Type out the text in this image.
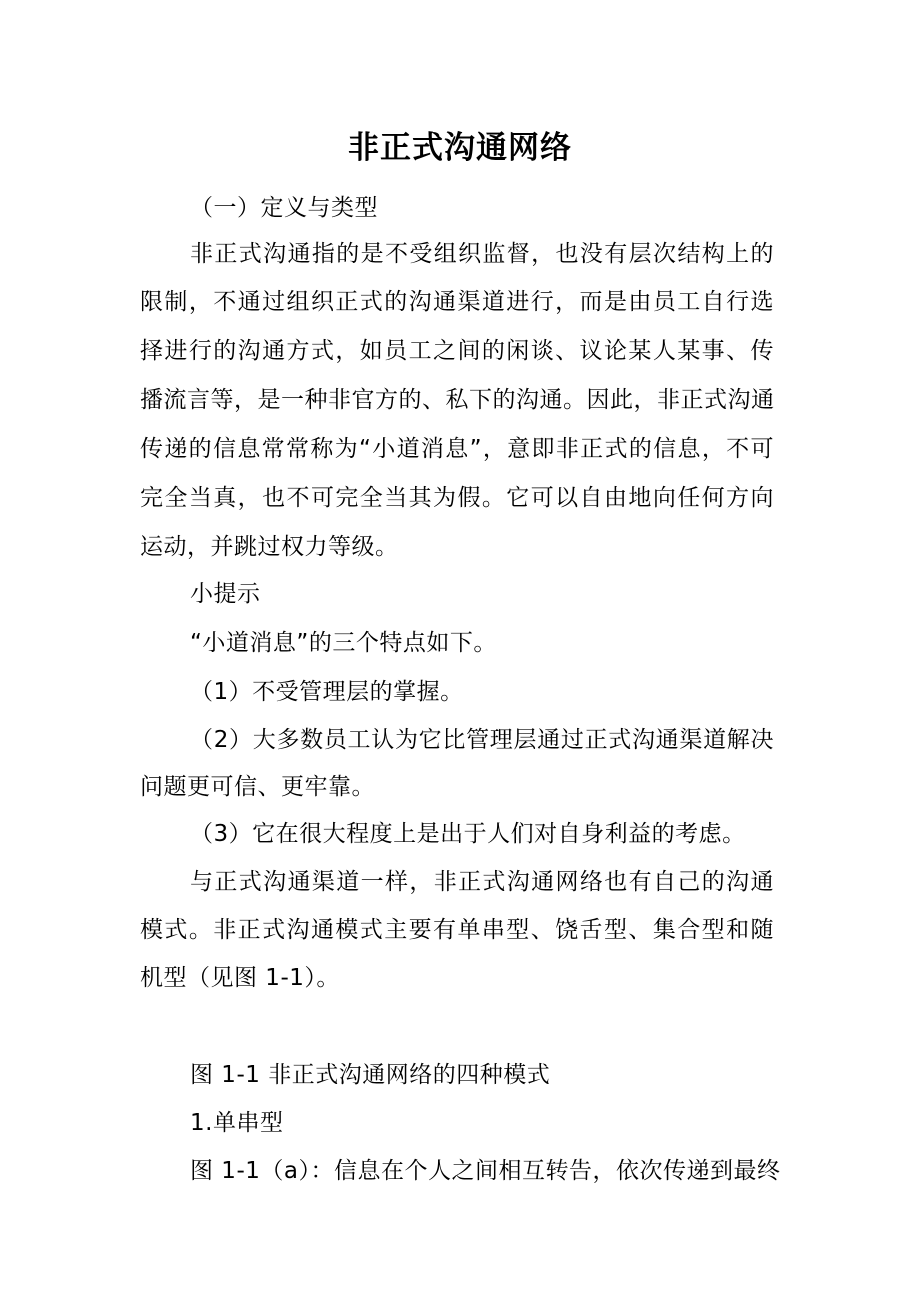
非正式沟通网络
（一）定义与类型
非正式沟通指的是不受组织监督，也没有层次结构上的
限制，不通过组织正式的沟通渠道进行，而是由员工自行选
择进行的沟通方式，如员工之间的闲谈、议论某人某事、传
播流言等，是一种非官方的、私下的沟通。因此，非正式沟通
传递的信息常常称为“小道消息”，意即非正式的信息，不可
完全当真，也不可完全当其为假。它可以自由地向任何方向
运动，并跳过权力等级。
小提示
“小道消息”的三个特点如下。
（1）不受管理层的掌握。
（2）大多数员工认为它比管理层通过正式沟通渠道解决
问题更可信、更牢靠。
（3）它在很大程度上是出于人们对自身利益的考虑。
与正式沟通渠道一样，非正式沟通网络也有自己的沟通
模式。非正式沟通模式主要有单串型、饶舌型、集合型和随
机型（见图 1-1）。
图 1-1 非正式沟通网络的四种模式
1.单串型
图 1-1（a）：信息在个人之间相互转告，依次传递到最终
